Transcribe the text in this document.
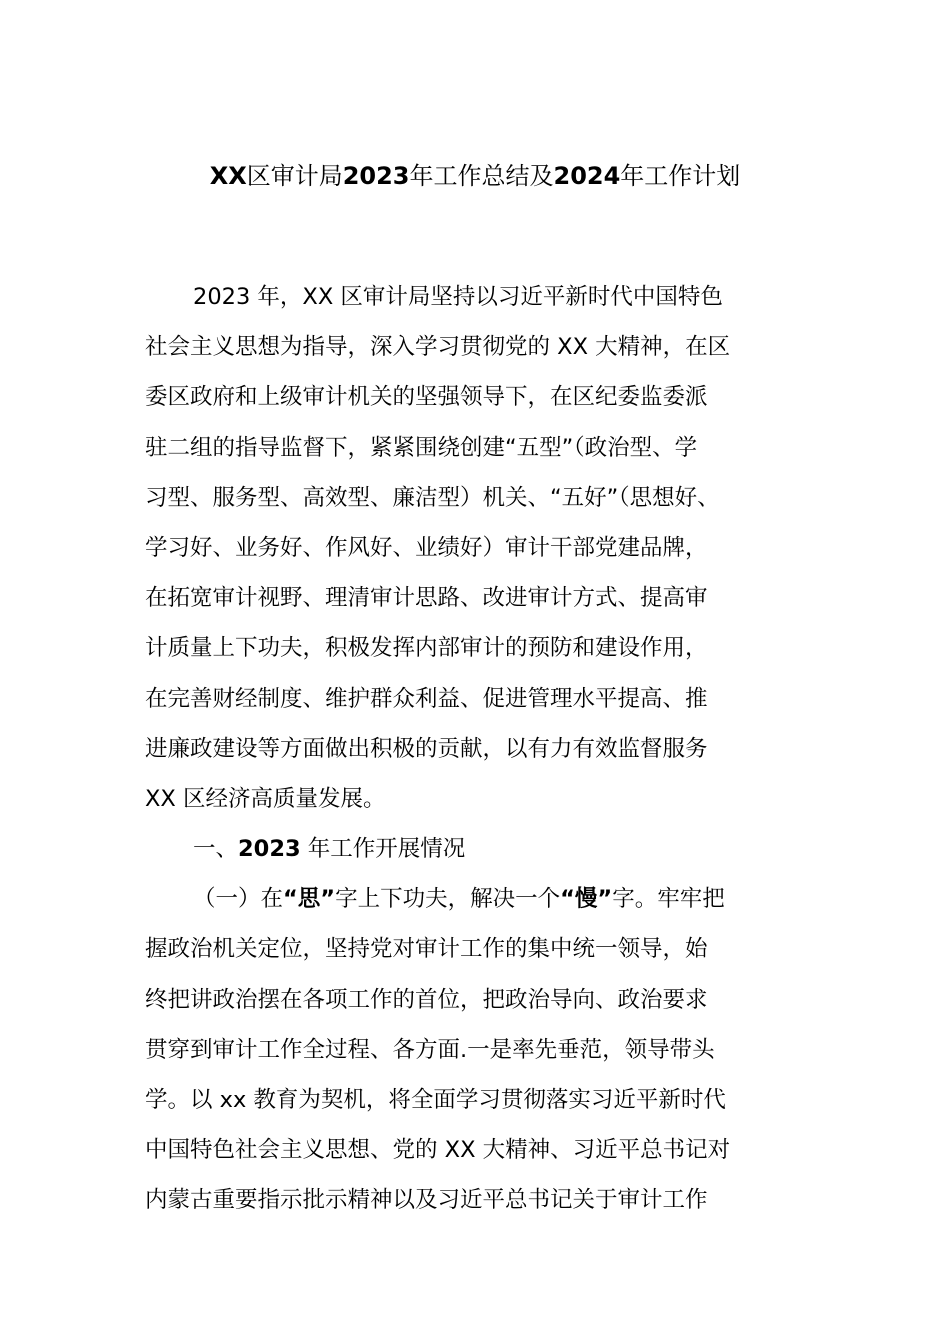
XX区审计局2023年工作总结及2024年工作计划
2023 年，XX 区审计局坚持以习近平新时代中国特色
社会主义思想为指导，深入学习贯彻党的 XX 大精神，在区
委区政府和上级审计机关的坚强领导下，在区纪委监委派
驻二组的指导监督下，紧紧围绕创建“五型”（政治型、学
习型、服务型、高效型、廉洁型）机关、“五好”（思想好、
学习好、业务好、作风好、业绩好）审计干部党建品牌，
在拓宽审计视野、理清审计思路、改进审计方式、提高审
计质量上下功夫，积极发挥内部审计的预防和建设作用，
在完善财经制度、维护群众利益、促进管理水平提高、推
进廉政建设等方面做出积极的贡献，以有力有效监督服务
XX 区经济高质量发展。
一、2023 年工作开展情况
（一）在“思”字上下功夫，解决一个“慢”字。牢牢把
握政治机关定位，坚持党对审计工作的集中统一领导，始
终把讲政治摆在各项工作的首位，把政治导向、政治要求
贯穿到审计工作全过程、各方面.一是率先垂范，领导带头
学。以 xx 教育为契机，将全面学习贯彻落实习近平新时代
中国特色社会主义思想、党的 XX 大精神、习近平总书记对
内蒙古重要指示批示精神以及习近平总书记关于审计工作
